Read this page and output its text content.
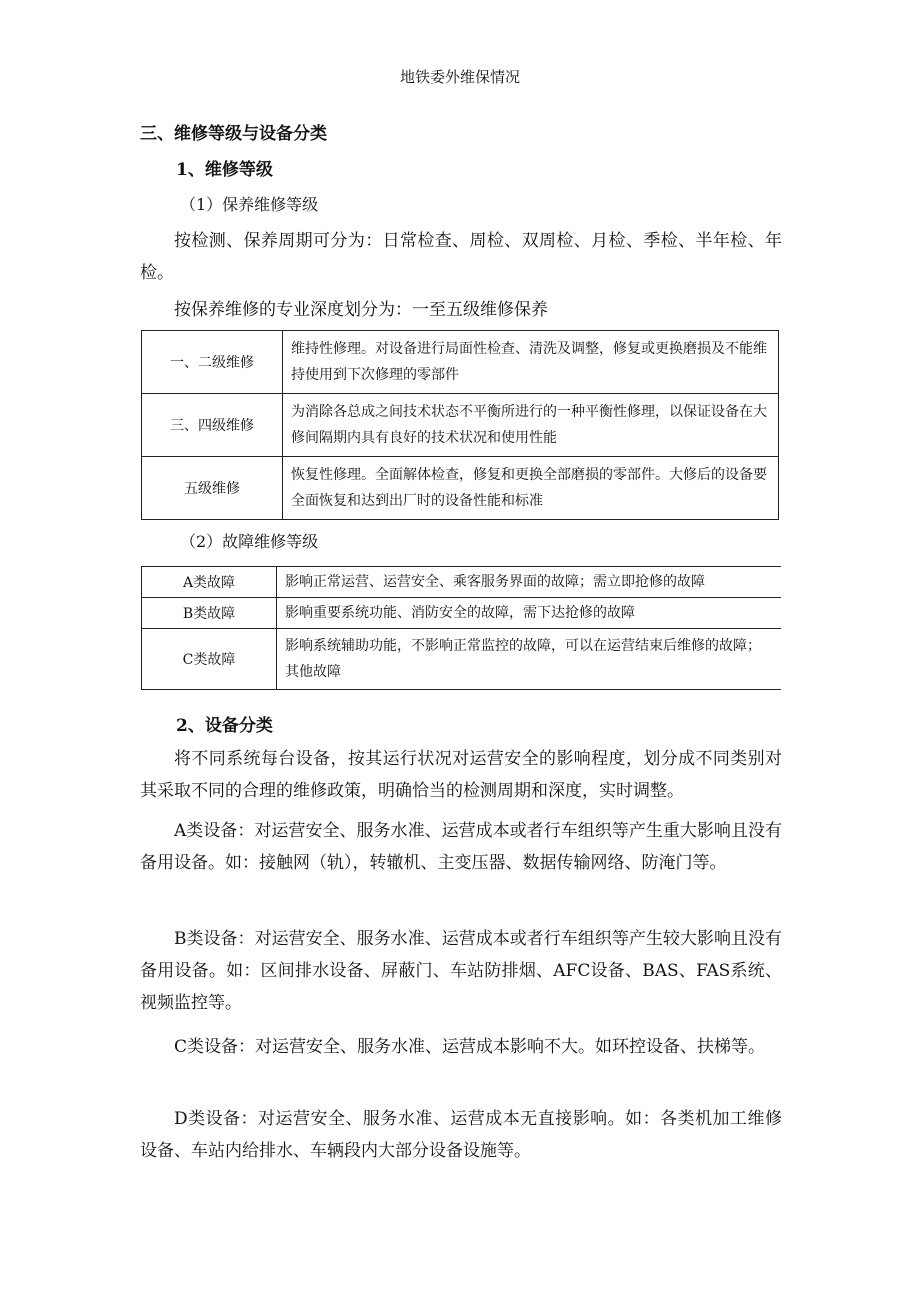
地铁委外维保情况
三、维修等级与设备分类
1、维修等级
（1）保养维修等级
按检测、保养周期可分为：日常检查、周检、双周检、月检、季检、半年检、年检。
按保养维修的专业深度划分为：一至五级维修保养
一、二级维修	维持性修理。对设备进行局面性检查、清洗及调整，修复或更换磨损及不能维持使用到下次修理的零部件
三、四级维修	为消除各总成之间技术状态不平衡所进行的一种平衡性修理，以保证设备在大修间隔期内具有良好的技术状况和使用性能
五级维修	恢复性修理。全面解体检查，修复和更换全部磨损的零部件。大修后的设备要全面恢复和达到出厂时的设备性能和标准
（2）故障维修等级
A类故障	影响正常运营、运营安全、乘客服务界面的故障；需立即抢修的故障
B类故障	影响重要系统功能、消防安全的故障，需下达抢修的故障
C类故障	影响系统辅助功能，不影响正常监控的故障，可以在运营结束后维修的故障；其他故障
2、设备分类
将不同系统每台设备，按其运行状况对运营安全的影响程度，划分成不同类别对其采取不同的合理的维修政策，明确恰当的检测周期和深度，实时调整。
A类设备：对运营安全、服务水准、运营成本或者行车组织等产生重大影响且没有备用设备。如：接触网（轨），转辙机、主变压器、数据传输网络、防淹门等。
B类设备：对运营安全、服务水准、运营成本或者行车组织等产生较大影响且没有备用设备。如：区间排水设备、屏蔽门、车站防排烟、AFC设备、BAS、FAS系统、视频监控等。
C类设备：对运营安全、服务水准、运营成本影响不大。如环控设备、扶梯等。
D类设备：对运营安全、服务水准、运营成本无直接影响。如：各类机加工维修设备、车站内给排水、车辆段内大部分设备设施等。
